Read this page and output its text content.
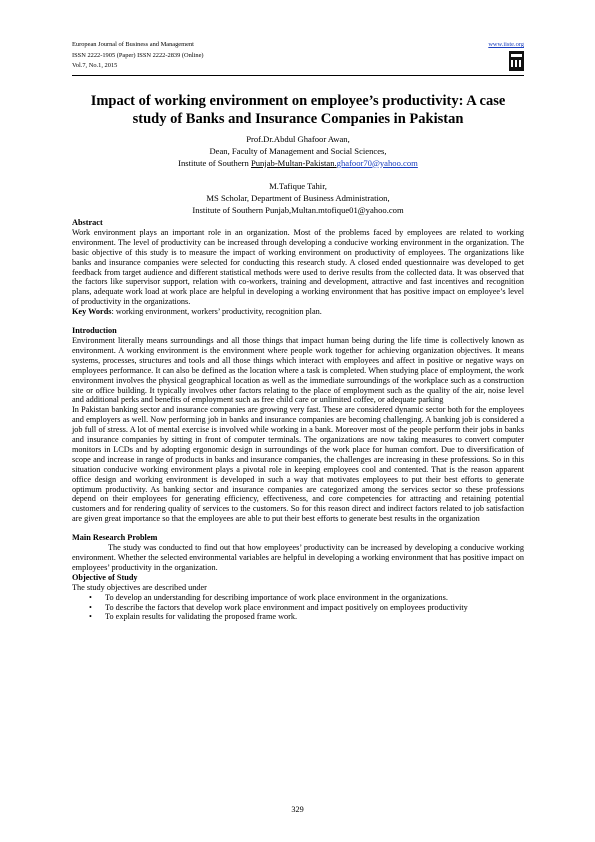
European Journal of Business and Management
ISSN 2222-1905 (Paper) ISSN 2222-2839 (Online)
Vol.7, No.1, 2015
www.iiste.org
Impact of working environment on employee’s productivity: A case study of Banks and Insurance Companies in Pakistan
Prof.Dr.Abdul Ghafoor Awan,
Dean, Faculty of Management and Social Sciences,
Institute of Southern Punjab-Multan-Pakistan.ghafoor70@yahoo.com
M.Tafique Tahir,
MS Scholar, Department of Business Administration,
Institute of Southern Punjab,Multan.mtofique01@yahoo.com

Abstract

Work environment plays an important role in an organization. Most of the problems faced by employees are related to working environment. The level of productivity can be increased through developing a conducive working environment in the organization. The basic objective of this study is to measure the impact of working environment on productivity of employees. The organizations like banks and insurance companies were selected for conducting this research study. A closed ended questionnaire was developed to get feedback from target audience and different statistical methods were used to derive results from the collected data. It was observed that the factors like supervisor support, relation with co-workers, training and development, attractive and fast incentives and recognition plans, adequate work load at work place are helpful in developing a working environment that has positive impact on employee’s level of productivity in the organizations.

Key Words: working environment, workers’ productivity, recognition plan.

Introduction

Environment literally means surroundings and all those things that impact human being during the life time is collectively known as environment. A working environment is the environment where people work together for achieving organization objectives. It means systems, processes, structures and tools and all those things which interact with employees and affect in positive or negative ways on employees performance. It can also be defined as the location where a task is completed. When studying place of employment, the work environment involves the physical geographical location as well as the immediate surroundings of the workplace such as a construction site or office building. It typically involves other factors relating to the place of employment such as the quality of the air, noise level and additional perks and benefits of employment such as free child care or unlimited coffee, or adequate parking

In Pakistan banking sector and insurance companies are growing very fast. These are considered dynamic sector both for the employees and employers as well. Now performing job in banks and insurance companies are becoming challenging. A banking job is considered a job full of stress. A lot of mental exercise is involved while working in a bank. Moreover most of the people perform their jobs in banks and insurance companies by sitting in front of computer terminals. The organizations are now taking measures to convert computer monitors in LCDs and by adopting ergonomic design in surroundings of the work place for human comfort. Due to diversification of scope and increase in range of products in banks and insurance companies, the challenges are increasing in these professions. So in this situation conducive working environment plays a pivotal role in keeping employees cool and contented. That is the reason apparent office design and working environment is developed in such a way that motivates employees to put their best efforts to generate optimum productivity. As banking sector and insurance companies are categorized among the services sector so these professions depend on their employees for generating efficiency, effectiveness, and core competencies for attracting and retaining potential customers and for rendering quality of services to the customers. So for this reason direct and indirect factors related to job satisfaction are given great importance so that the employees are able to put their best efforts to generate best results in the organization

Main Research Problem

The study was conducted to find out that how employees’ productivity can be increased by developing a conducive working environment. Whether the selected environmental variables are helpful in developing a working environment that has positive impact on employees’ productivity in the organization.

Objective of Study

The study objectives are described under

• To develop an understanding for describing importance of work place environment in the organizations.
• To describe the factors that develop work place environment and impact positively on employees productivity
• To explain results for validating the proposed frame work.
329
